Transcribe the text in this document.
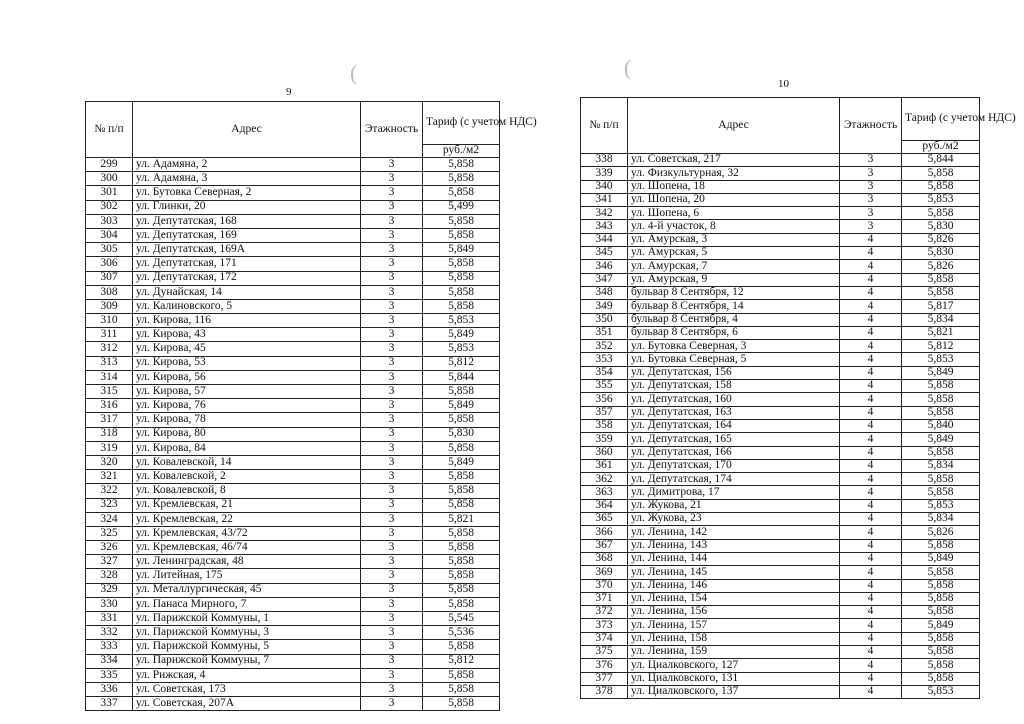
9
10
(	(
№ п/п	Адрес	Этажность	Тариф (с учетом НДС)
			руб./м2
299	ул. Адамяна, 2	3	5,858
300	ул. Адамяна, 3	3	5,858
301	ул. Бутовка Северная, 2	3	5,858
302	ул. Глинки, 20	3	5,499
303	ул. Депутатская, 168	3	5,858
304	ул. Депутатская, 169	3	5,858
305	ул. Депутатская, 169А	3	5,849
306	ул. Депутатская, 171	3	5,858
307	ул. Депутатская, 172	3	5,858
308	ул. Дунайская, 14	3	5,858
309	ул. Калиновского, 5	3	5,858
310	ул. Кирова, 116	3	5,853
311	ул. Кирова, 43	3	5,849
312	ул. Кирова, 45	3	5,853
313	ул. Кирова, 53	3	5,812
314	ул. Кирова, 56	3	5,844
315	ул. Кирова, 57	3	5,858
316	ул. Кирова, 76	3	5,849
317	ул. Кирова, 78	3	5,858
318	ул. Кирова, 80	3	5,830
319	ул. Кирова, 84	3	5,858
320	ул. Ковалевской, 14	3	5,849
321	ул. Ковалевской, 2	3	5,858
322	ул. Ковалевской, 8	3	5,858
323	ул. Кремлевская, 21	3	5,858
324	ул. Кремлевская, 22	3	5,821
325	ул. Кремлевская, 43/72	3	5,858
326	ул. Кремлевская, 46/74	3	5,858
327	ул. Ленинградская, 48	3	5,858
328	ул. Литейная, 175	3	5,858
329	ул. Металлургическая, 45	3	5,858
330	ул. Панаса Мирного, 7	3	5,858
331	ул. Парижской Коммуны, 1	3	5,545
332	ул. Парижской Коммуны, 3	3	5,536
333	ул. Парижской Коммуны, 5	3	5,858
334	ул. Парижской Коммуны, 7	3	5,812
335	ул. Рижская, 4	3	5,858
336	ул. Советская, 173	3	5,858
337	ул. Советская, 207А	3	5,858
№ п/п	Адрес	Этажность	Тариф (с учетом НДС)
			руб./м2
338	ул. Советская, 217	3	5,844
339	ул. Физкультурная, 32	3	5,858
340	ул. Шопена, 18	3	5,858
341	ул. Шопена, 20	3	5,853
342	ул. Шопена, 6	3	5,858
343	ул. 4-й участок, 8	3	5,830
344	ул. Амурская, 3	4	5,826
345	ул. Амурская, 5	4	5,830
346	ул. Амурская, 7	4	5,826
347	ул. Амурская, 9	4	5,858
348	бульвар 8 Сентября, 12	4	5,858
349	бульвар 8 Сентября, 14	4	5,817
350	бульвар 8 Сентября, 4	4	5,834
351	бульвар 8 Сентября, 6	4	5,821
352	ул. Бутовка Северная, 3	4	5,812
353	ул. Бутовка Северная, 5	4	5,853
354	ул. Депутатская, 156	4	5,849
355	ул. Депутатская, 158	4	5,858
356	ул. Депутатская, 160	4	5,858
357	ул. Депутатская, 163	4	5,858
358	ул. Депутатская, 164	4	5,840
359	ул. Депутатская, 165	4	5,849
360	ул. Депутатская, 166	4	5,858
361	ул. Депутатская, 170	4	5,834
362	ул. Депутатская, 174	4	5,858
363	ул. Димитрова, 17	4	5,858
364	ул. Жукова, 21	4	5,853
365	ул. Жукова, 23	4	5,834
366	ул. Ленина, 142	4	5,826
367	ул. Ленина, 143	4	5,858
368	ул. Ленина, 144	4	5,849
369	ул. Ленина, 145	4	5,858
370	ул. Ленина, 146	4	5,858
371	ул. Ленина, 154	4	5,858
372	ул. Ленина, 156	4	5,858
373	ул. Ленина, 157	4	5,849
374	ул. Ленина, 158	4	5,858
375	ул. Ленина, 159	4	5,858
376	ул. Циалковского, 127	4	5,858
377	ул. Циалковского, 131	4	5,858
378	ул. Циалковского, 137	4	5,853
